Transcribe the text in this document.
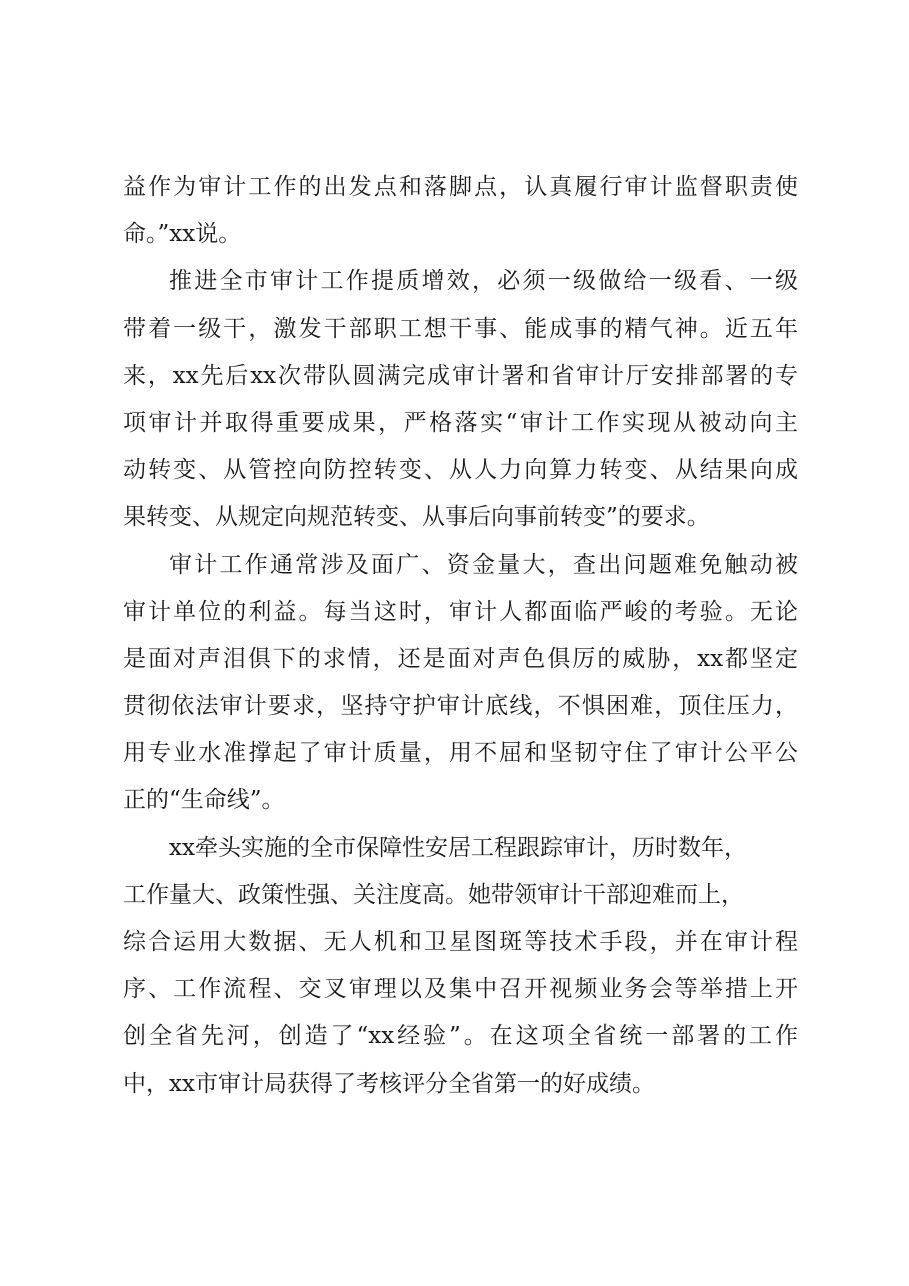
益作为审计工作的出发点和落脚点，认真履行审计监督职责使
命。”xx说。
推进全市审计工作提质增效，必须一级做给一级看、一级
带着一级干，激发干部职工想干事、能成事的精气神。近五年
来，xx先后xx次带队圆满完成审计署和省审计厅安排部署的专
项审计并取得重要成果，严格落实“审计工作实现从被动向主
动转变、从管控向防控转变、从人力向算力转变、从结果向成
果转变、从规定向规范转变、从事后向事前转变”的要求。
审计工作通常涉及面广、资金量大，查出问题难免触动被
审计单位的利益。每当这时，审计人都面临严峻的考验。无论
是面对声泪俱下的求情，还是面对声色俱厉的威胁，xx都坚定
贯彻依法审计要求，坚持守护审计底线，不惧困难，顶住压力，
用专业水准撑起了审计质量，用不屈和坚韧守住了审计公平公
正的“生命线”。
xx牵头实施的全市保障性安居工程跟踪审计，历时数年，
工作量大、政策性强、关注度高。她带领审计干部迎难而上，
综合运用大数据、无人机和卫星图斑等技术手段，并在审计程
序、工作流程、交叉审理以及集中召开视频业务会等举措上开
创全省先河，创造了“xx经验”。在这项全省统一部署的工作
中，xx市审计局获得了考核评分全省第一的好成绩。
